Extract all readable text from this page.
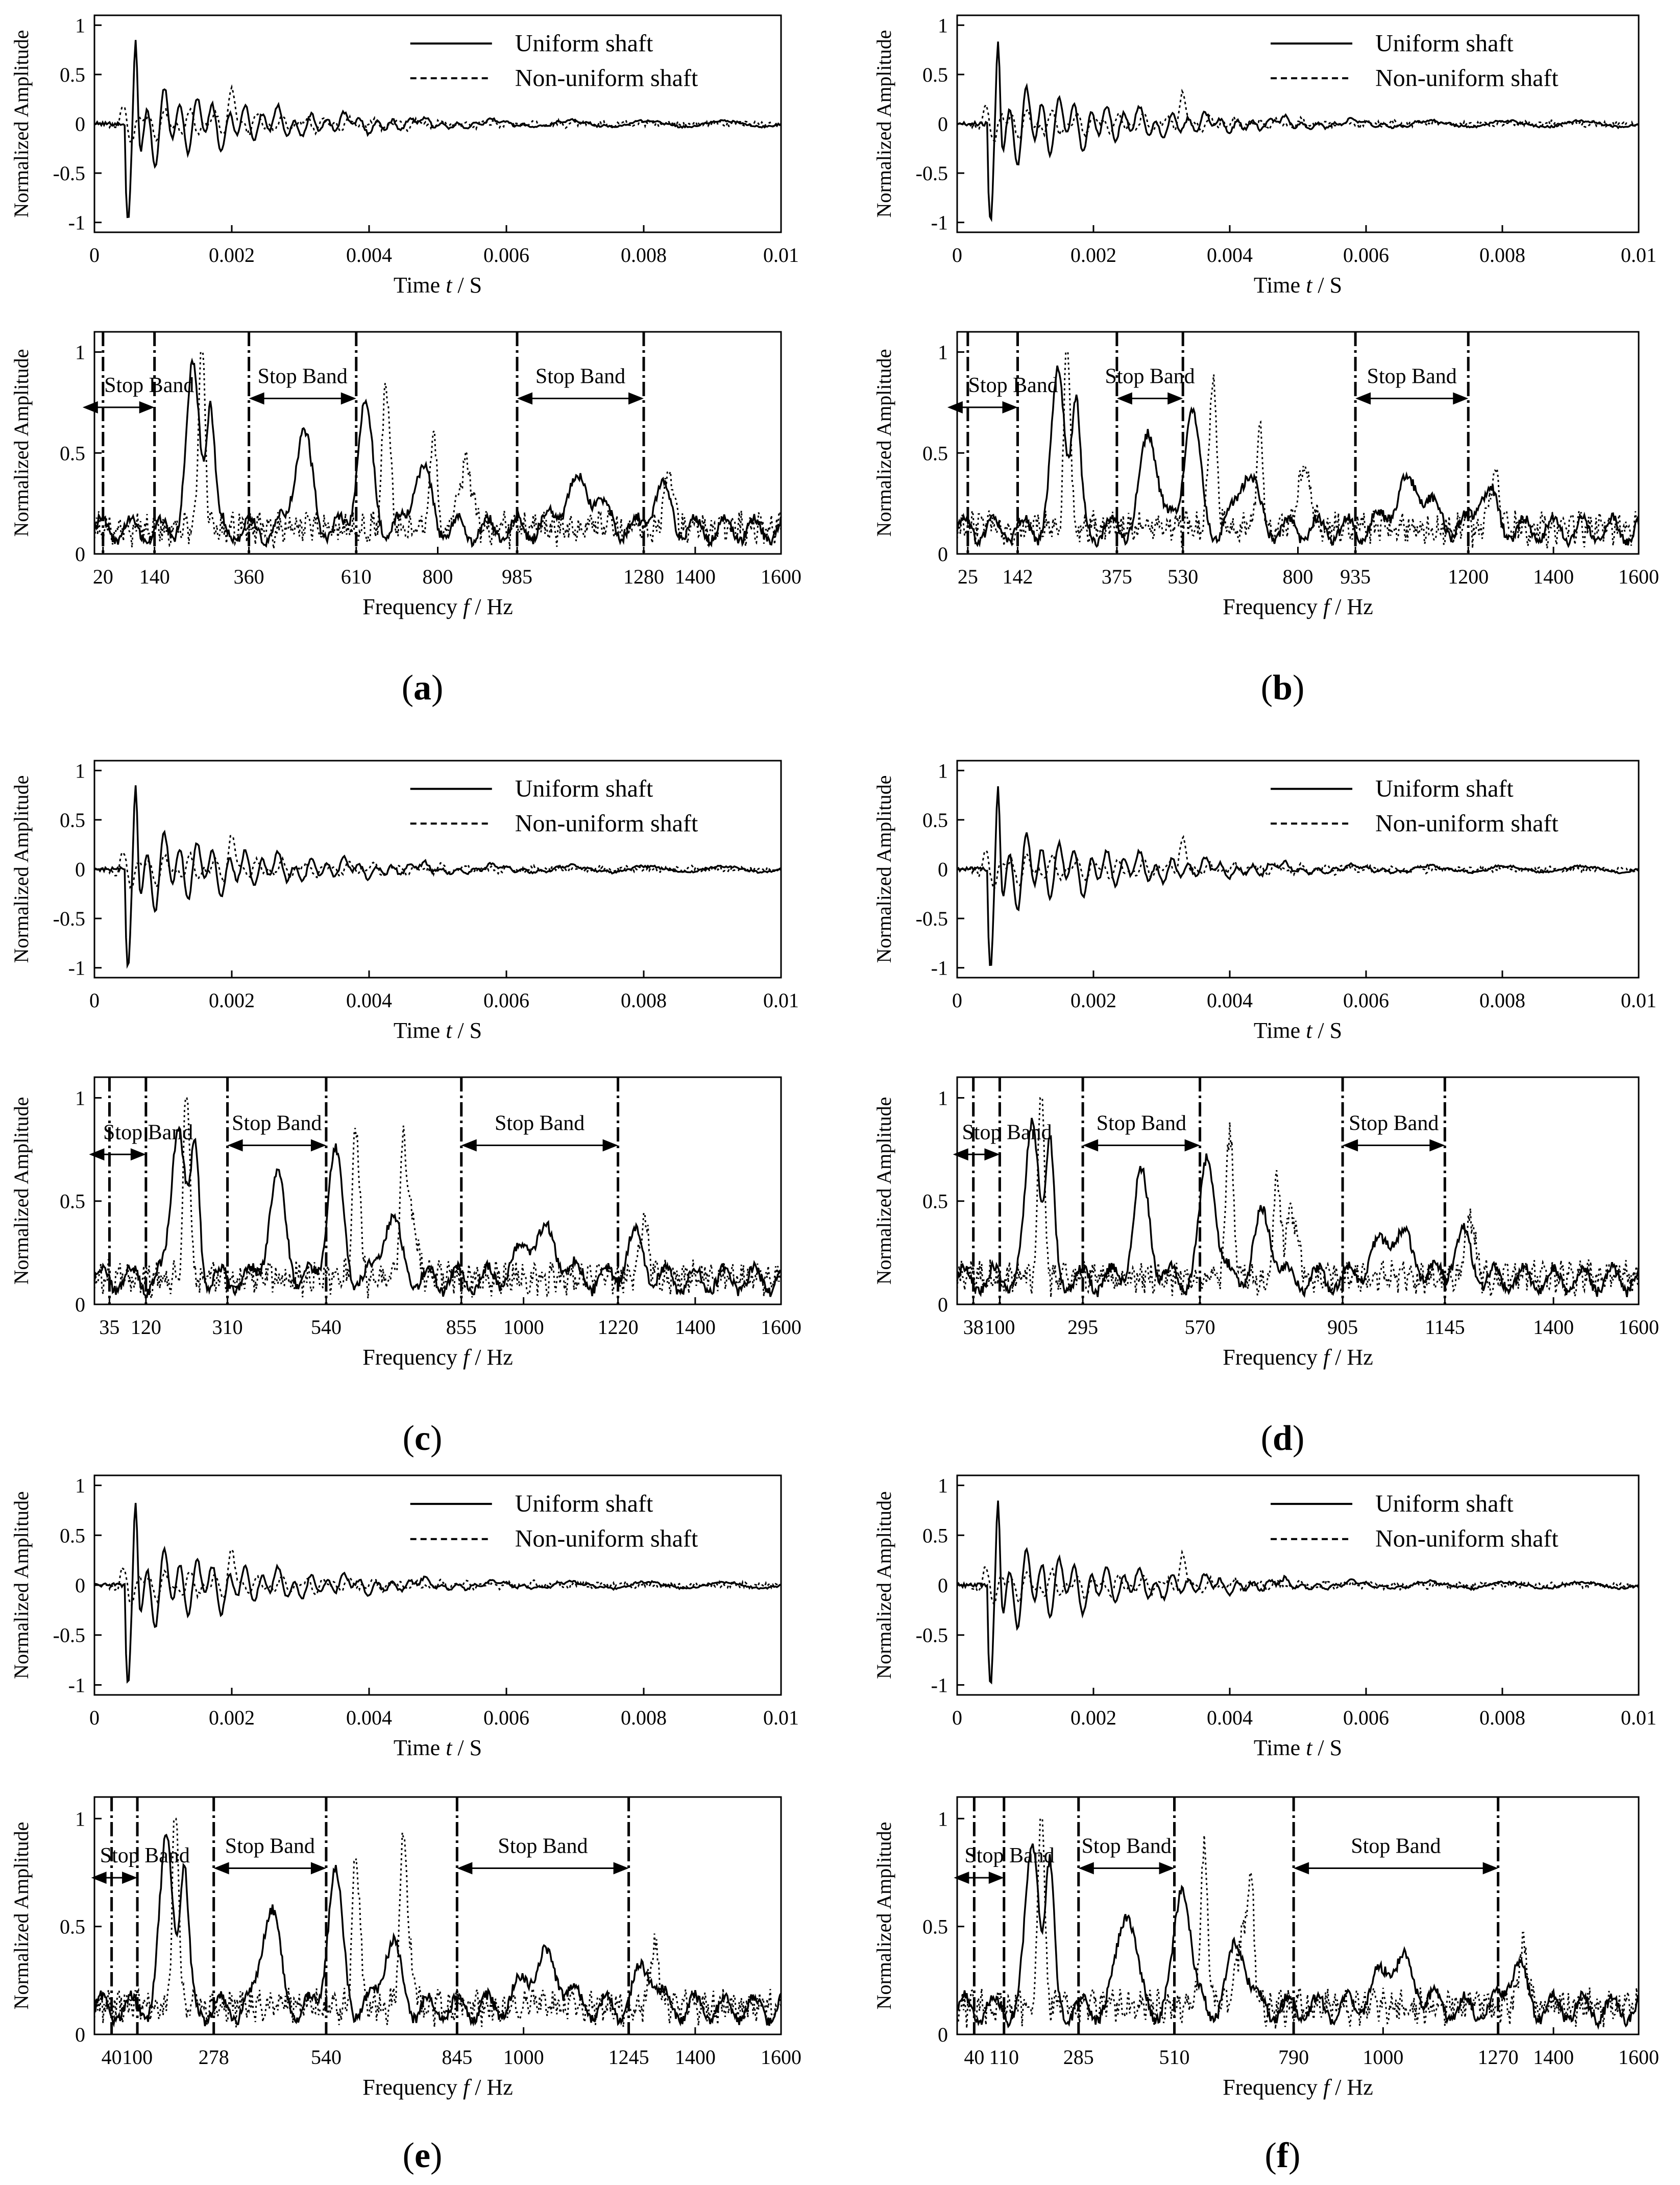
0	0.002	0.004	0.006	0.008	0.01
-1
-0.5
0
0.5
1
Time t / S
Normalized Amplitude	Uniform shaft
Non-uniform shaft
20 140	360	610 800 985	1280 1400 1600
0
0.5
1
Frequency f / Hz
Normalized Amplitude	Stop Band	Stop Band	Stop Band
(a)
0	0.002	0.004	0.006	0.008	0.01
-1
-0.5
0
0.5
1
Time t / S
Normalized Amplitude	Uniform shaft
Non-uniform shaft
25 142	375 530	800 935	1200 1400 1600
0
0.5
1
Frequency f / Hz
Normalized Amplitude	Stop Band Stop Band	Stop Band
(b)
0	0.002	0.004	0.006	0.008	0.01
-1
-0.5
0
0.5
1
Time t / S
Normalized Amplitude	Uniform shaft
Non-uniform shaft
35 120 310	540	855 1000	1220 1400 1600
0
0.5
1
Frequency f / Hz
Normalized Amplitude	Stop Band Stop Band	Stop Band
(c)
0	0.002	0.004	0.006	0.008	0.01
-1
-0.5
0
0.5
1
Time t / S
Normalized Amplitude	Uniform shaft
Non-uniform shaft
38 100	295	570	905	1145	1400 1600
0
0.5
1
Frequency f / Hz
Normalized Amplitude	Stop Band Stop Band	Stop Band
(d)
0	0.002	0.004	0.006	0.008	0.01
-1
-0.5
0
0.5
1
Time t / S
Normalized Amplitude	Uniform shaft
Non-uniform shaft
40 100 278	540	845 1000	1245 1400 1600
0
0.5
1
Frequency f / Hz
Normalized Amplitude	Stop Band Stop Band	Stop Band
(e)
0	0.002	0.004	0.006	0.008	0.01
-1
-0.5
0
0.5
1
Time t / S
Normalized Amplitude	Uniform shaft
Non-uniform shaft
40 110 285	510	790	1000	1270 1400 1600
0
0.5
1
Frequency f / Hz
Normalized Amplitude	Stop Band Stop Band	Stop Band
(f)
